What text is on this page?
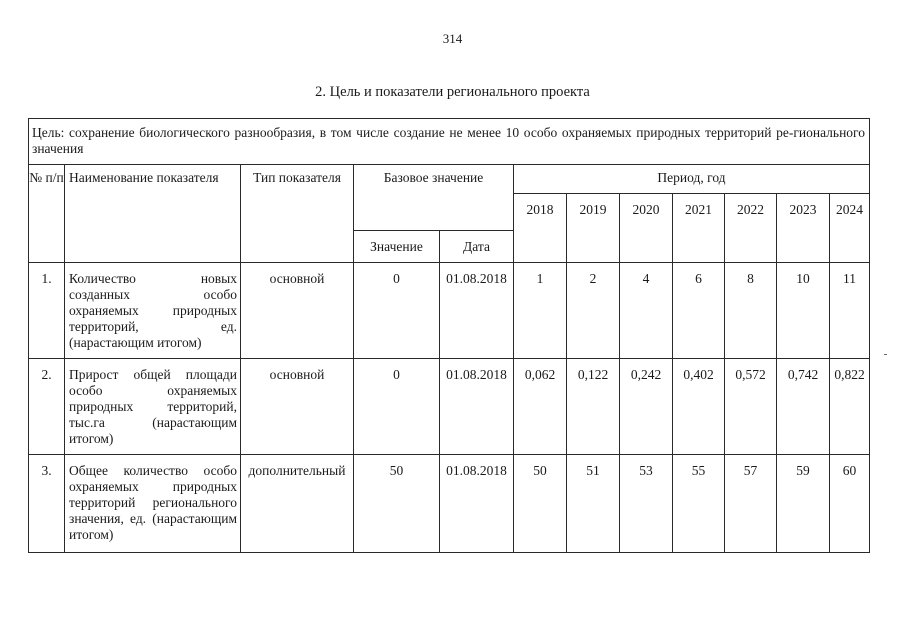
314
2. Цель и показатели регионального проекта
Цель: сохранение биологического разнообразия, в том числе создание не менее 10 особо охраняемых природных территорий ре-гионального значения											
№ п/п	Наименование показателя	Тип показателя	Базовое значение		Период, год						
					2018	2019	2020	2021	2022	2023	2024
			Значение	Дата							
1.	Количество новых созданных особо охраняемых природных территорий, ед. (нарастающим итогом)	основной	0	01.08.2018	1	2	4	6	8	10	11
2.	Прирост общей площади особо охраняемых природных территорий, тыс.га (нарастающим итогом)	основной	0	01.08.2018	0,062	0,122	0,242	0,402	0,572	0,742	0,822
3.	Общее количество особо охраняемых природных территорий регионального значения, ед. (нарастающим итогом)	дополнительный	50	01.08.2018	50	51	53	55	57	59	60
